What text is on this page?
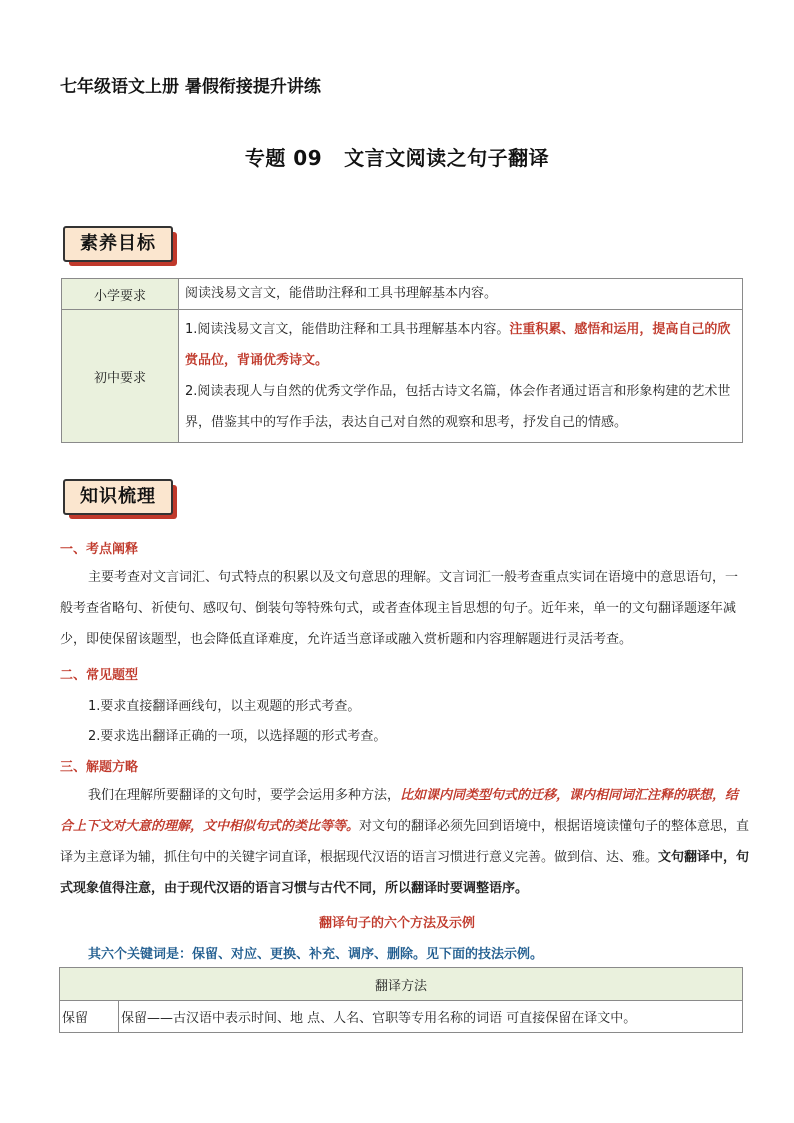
七年级语文上册 暑假衔接提升讲练
专题 09 文言文阅读之句子翻译
素养目标
小学要求	阅读浅易文言文，能借助注释和工具书理解基本内容。
初中要求	1.阅读浅易文言文，能借助注释和工具书理解基本内容。注重积累、感悟和运用，提高自己的欣赏品位，背诵优秀诗文。
2.阅读表现人与自然的优秀文学作品，包括古诗文名篇，体会作者通过语言和形象构建的艺术世界，借鉴其中的写作手法，表达自己对自然的观察和思考，抒发自己的情感。
知识梳理
一、考点阐释
主要考查对文言词汇、句式特点的积累以及文句意思的理解。文言词汇一般考查重点实词在语境中的意思语句，一般考查省略句、祈使句、感叹句、倒装句等特殊句式，或者查体现主旨思想的句子。近年来，单一的文句翻译题逐年减少，即使保留该题型，也会降低直译难度，允许适当意译或融入赏析题和内容理解题进行灵活考查。
二、常见题型
1.要求直接翻译画线句，以主观题的形式考查。
2.要求选出翻译正确的一项，以选择题的形式考查。
三、解题方略
我们在理解所要翻译的文句时，要学会运用多种方法，比如课内同类型句式的迁移，课内相同词汇注释的联想，结合上下文对大意的理解，文中相似句式的类比等等。对文句的翻译必须先回到语境中，根据语境读懂句子的整体意思，直译为主意译为辅，抓住句中的关键字词直译，根据现代汉语的语言习惯进行意义完善。做到信、达、雅。文句翻译中，句式现象值得注意，由于现代汉语的语言习惯与古代不同，所以翻译时要调整语序。
翻译句子的六个方法及示例
其六个关键词是：保留、对应、更换、补充、调序、删除。见下面的技法示例。
翻译方法
保留	保留——古汉语中表示时间、地 点、人名、官职等专用名称的词语 可直接保留在译文中。
